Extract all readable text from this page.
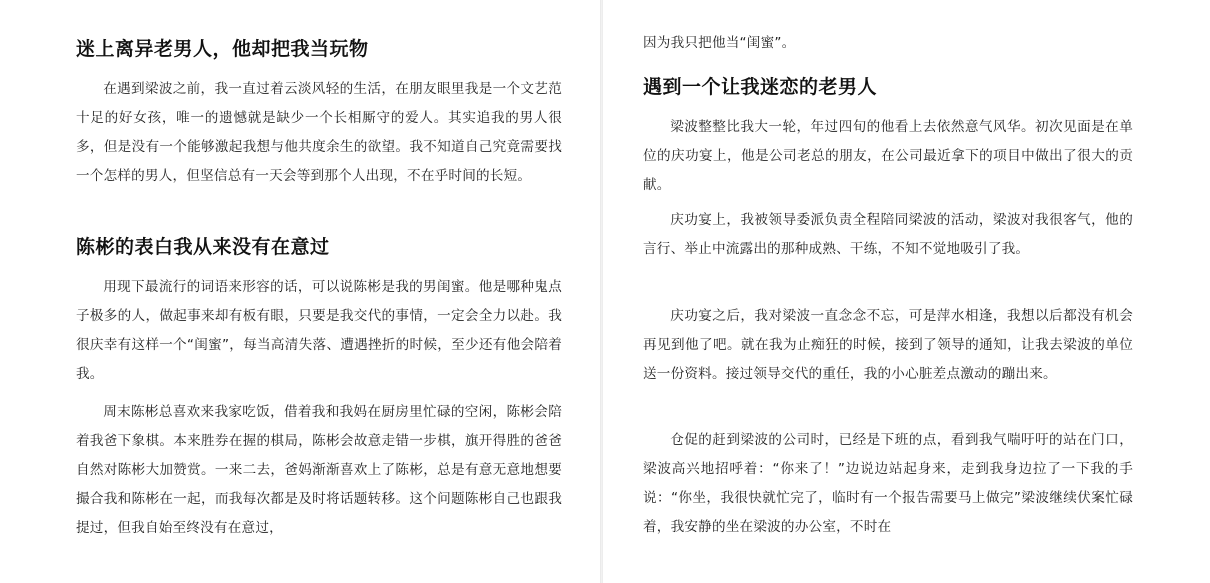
迷上离异老男人，他却把我当玩物

在遇到梁波之前，我一直过着云淡风轻的生活，在朋友眼里我是一个文艺范十足的好女孩，唯一的遗憾就是缺少一个长相厮守的爱人。其实追我的男人很多，但是没有一个能够激起我想与他共度余生的欲望。我不知道自己究竟需要找一个怎样的男人，但坚信总有一天会等到那个人出现，不在乎时间的长短。

陈彬的表白我从来没有在意过

用现下最流行的词语来形容的话，可以说陈彬是我的男闺蜜。他是哪种鬼点子极多的人，做起事来却有板有眼，只要是我交代的事情，一定会全力以赴。我很庆幸有这样一个“闺蜜”，每当高清失落、遭遇挫折的时候，至少还有他会陪着我。

周末陈彬总喜欢来我家吃饭，借着我和我妈在厨房里忙碌的空闲，陈彬会陪着我爸下象棋。本来胜券在握的棋局，陈彬会故意走错一步棋，旗开得胜的爸爸自然对陈彬大加赞赏。一来二去，爸妈渐渐喜欢上了陈彬，总是有意无意地想要撮合我和陈彬在一起，而我每次都是及时将话题转移。这个问题陈彬自己也跟我提过，但我自始至终没有在意过，

因为我只把他当“闺蜜”。

遇到一个让我迷恋的老男人

梁波整整比我大一轮，年过四旬的他看上去依然意气风华。初次见面是在单位的庆功宴上，他是公司老总的朋友，在公司最近拿下的项目中做出了很大的贡献。

庆功宴上，我被领导委派负责全程陪同梁波的活动，梁波对我很客气，他的言行、举止中流露出的那种成熟、干练，不知不觉地吸引了我。

庆功宴之后，我对梁波一直念念不忘，可是萍水相逢，我想以后都没有机会再见到他了吧。就在我为止痴狂的时候，接到了领导的通知，让我去梁波的单位送一份资料。接过领导交代的重任，我的小心脏差点激动的蹦出来。

仓促的赶到梁波的公司时，已经是下班的点，看到我气喘吁吁的站在门口，梁波高兴地招呼着：“你来了！”边说边站起身来，走到我身边拉了一下我的手说：“你坐，我很快就忙完了，临时有一个报告需要马上做完”梁波继续伏案忙碌着，我安静的坐在梁波的办公室，不时在
